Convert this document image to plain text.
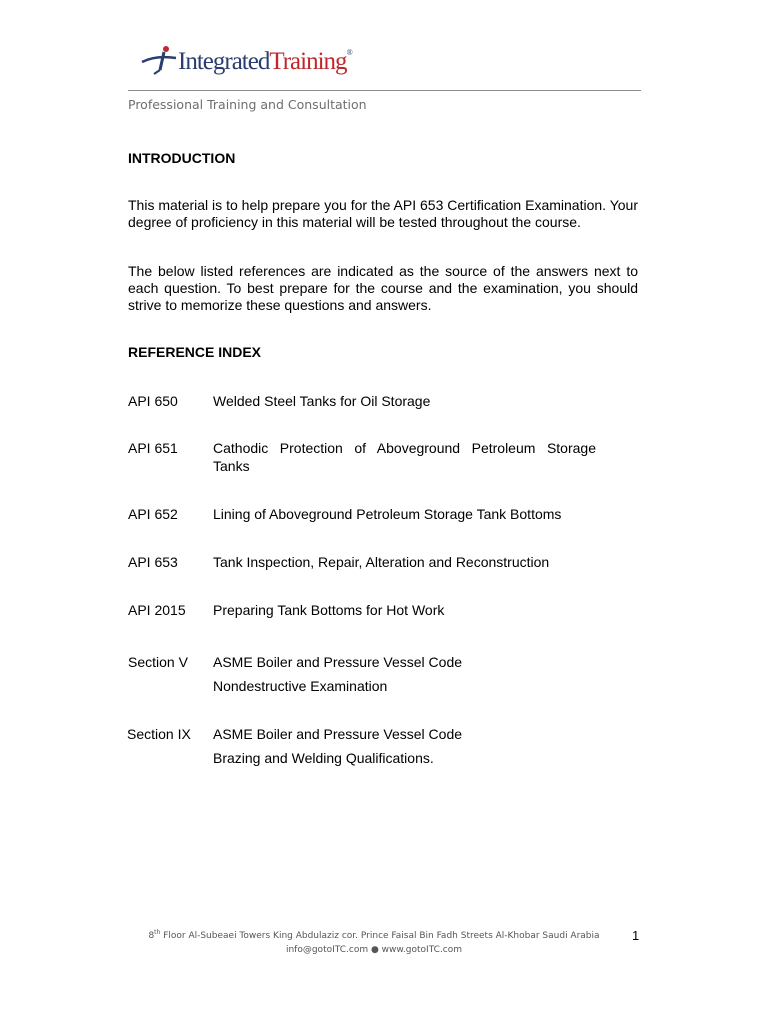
IntegratedTraining®
Professional Training and Consultation
INTRODUCTION
This material is to help prepare you for the API 653 Certification Examination. Your degree of proficiency in this material will be tested throughout the course.
The below listed references are indicated as the source of the answers next to each question. To best prepare for the course and the examination, you should strive to memorize these questions and answers.
REFERENCE INDEX
API 650	Welded Steel Tanks for Oil Storage
API 651	Cathodic Protection of Aboveground Petroleum Storage Tanks
API 652	Lining of Aboveground Petroleum Storage Tank Bottoms
API 653	Tank Inspection, Repair, Alteration and Reconstruction
API 2015 Preparing Tank Bottoms for Hot Work
Section V ASME Boiler and Pressure Vessel Code
Nondestructive Examination
Section IX ASME Boiler and Pressure Vessel Code
Brazing and Welding Qualifications.
8th Floor Al-Subeaei Towers King Abdulaziz cor. Prince Faisal Bin Fadh Streets Al-Khobar Saudi Arabia
info@gotoITC.com ● www.gotoITC.com
1
